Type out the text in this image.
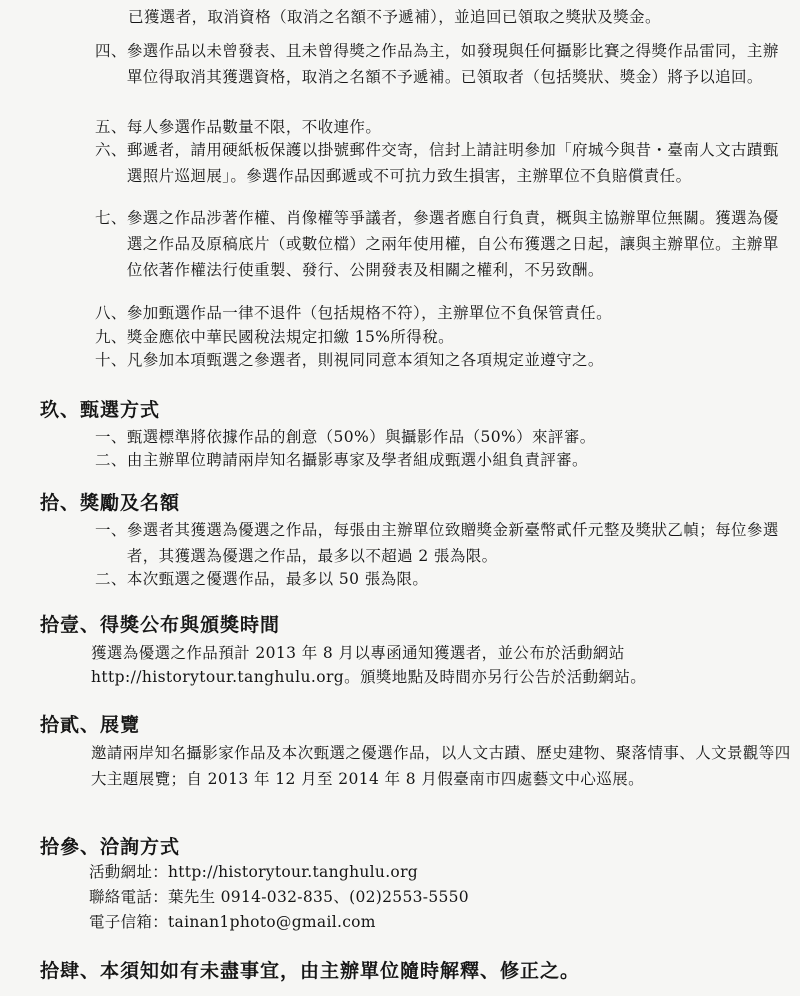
已獲選者，取消資格（取消之名額不予遞補），並追回已領取之獎狀及獎金。
四、 參選作品以未曾發表、且未曾得獎之作品為主，如發現與任何攝影比賽之得獎作品雷同，主辦單位得取消其獲選資格，取消之名額不予遞補。已領取者（包括獎狀、獎金）將予以追回。
五、 每人參選作品數量不限，不收連作。
六、 郵遞者，請用硬紙板保護以掛號郵件交寄，信封上請註明參加「府城今與昔・臺南人文古蹟甄選照片巡迴展」。參選作品因郵遞或不可抗力致生損害，主辦單位不負賠償責任。
七、 參選之作品涉著作權、肖像權等爭議者，參選者應自行負責，概與主協辦單位無關。獲選為優選之作品及原稿底片（或數位檔）之兩年使用權，自公布獲選之日起，讓與主辦單位。主辦單位依著作權法行使重製、發行、公開發表及相關之權利，不另致酬。
八、 參加甄選作品一律不退件（包括規格不符），主辦單位不負保管責任。
九、 獎金應依中華民國稅法規定扣繳 15%所得稅。
十、 凡參加本項甄選之參選者，則視同同意本須知之各項規定並遵守之。
玖、甄選方式
一、 甄選標準將依據作品的創意（50%）與攝影作品（50%）來評審。
二、 由主辦單位聘請兩岸知名攝影專家及學者組成甄選小組負責評審。
拾、獎勵及名額
一、 參選者其獲選為優選之作品，每張由主辦單位致贈獎金新臺幣貳仟元整及獎狀乙幀；每位參選者，其獲選為優選之作品，最多以不超過 2 張為限。
二、 本次甄選之優選作品，最多以 50 張為限。
拾壹、得獎公布與頒獎時間
獲選為優選之作品預計 2013 年 8 月以專函通知獲選者，並公布於活動網站
http://historytour.tanghulu.org。頒獎地點及時間亦另行公告於活動網站。
拾貳、展覽
邀請兩岸知名攝影家作品及本次甄選之優選作品，以人文古蹟、歷史建物、聚落情事、人文景觀等四大主題展覽；自 2013 年 12 月至 2014 年 8 月假臺南市四處藝文中心巡展。
拾參、洽詢方式
活動網址：http://historytour.tanghulu.org
聯絡電話：葉先生 0914-032-835、(02)2553-5550
電子信箱：tainan1photo@gmail.com
拾肆、本須知如有未盡事宜，由主辦單位隨時解釋、修正之。
